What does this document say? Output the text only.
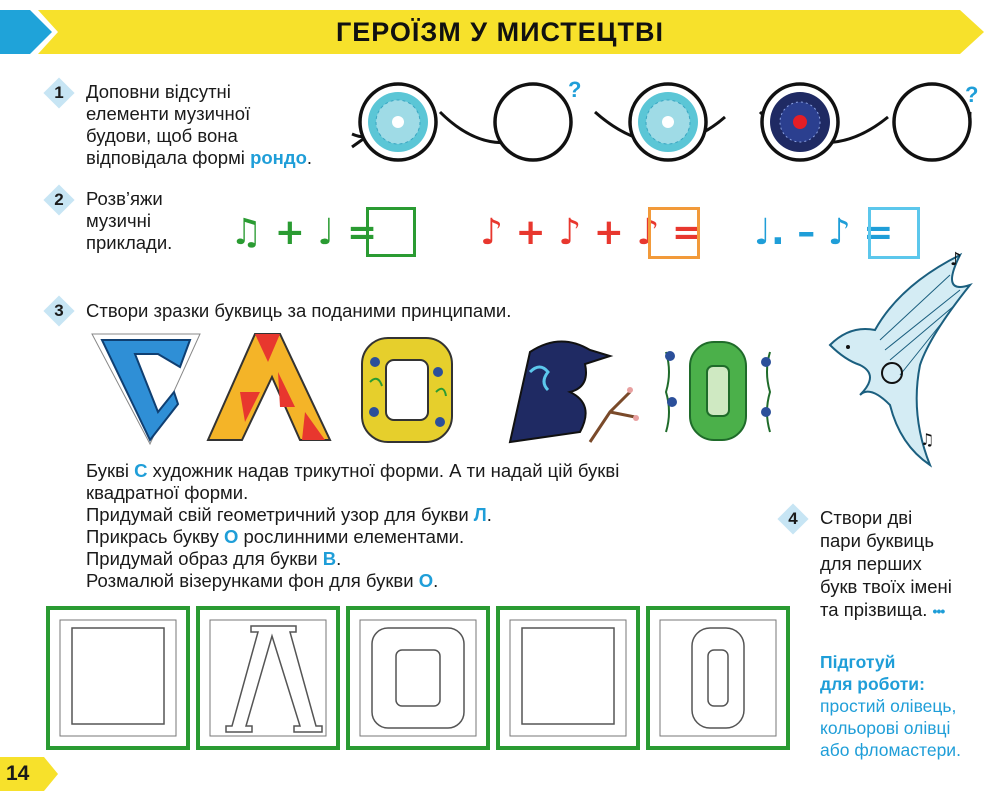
ГЕРОЇЗМ У МИСТЕЦТВІ
1	Доповни відсутні
елементи музичної
будови, щоб вона
відповідала формі рондо.
?	?
2	Розв’яжи
музичні
приклади.	♫ + ♩ =	♪ + ♪ + ♪ = ♩. – ♪ =
3	Створи зразки буквиць за поданими принципами.
♪
♫
Букві С художник надав трикутної форми. А ти надай цій букві
квадратної форми.
Придумай свій геометричний узор для букви Л.
Прикрась букву О рослинними елементами.
Придумай образ для букви В.
Розмалюй візерунками фон для букви О.
4	Створи дві
пари буквиць
для перших
букв твоїх імені
та прізвища. •••
Підготуй
для роботи:
простий олівець,
кольорові олівці
або фломастери.
14
